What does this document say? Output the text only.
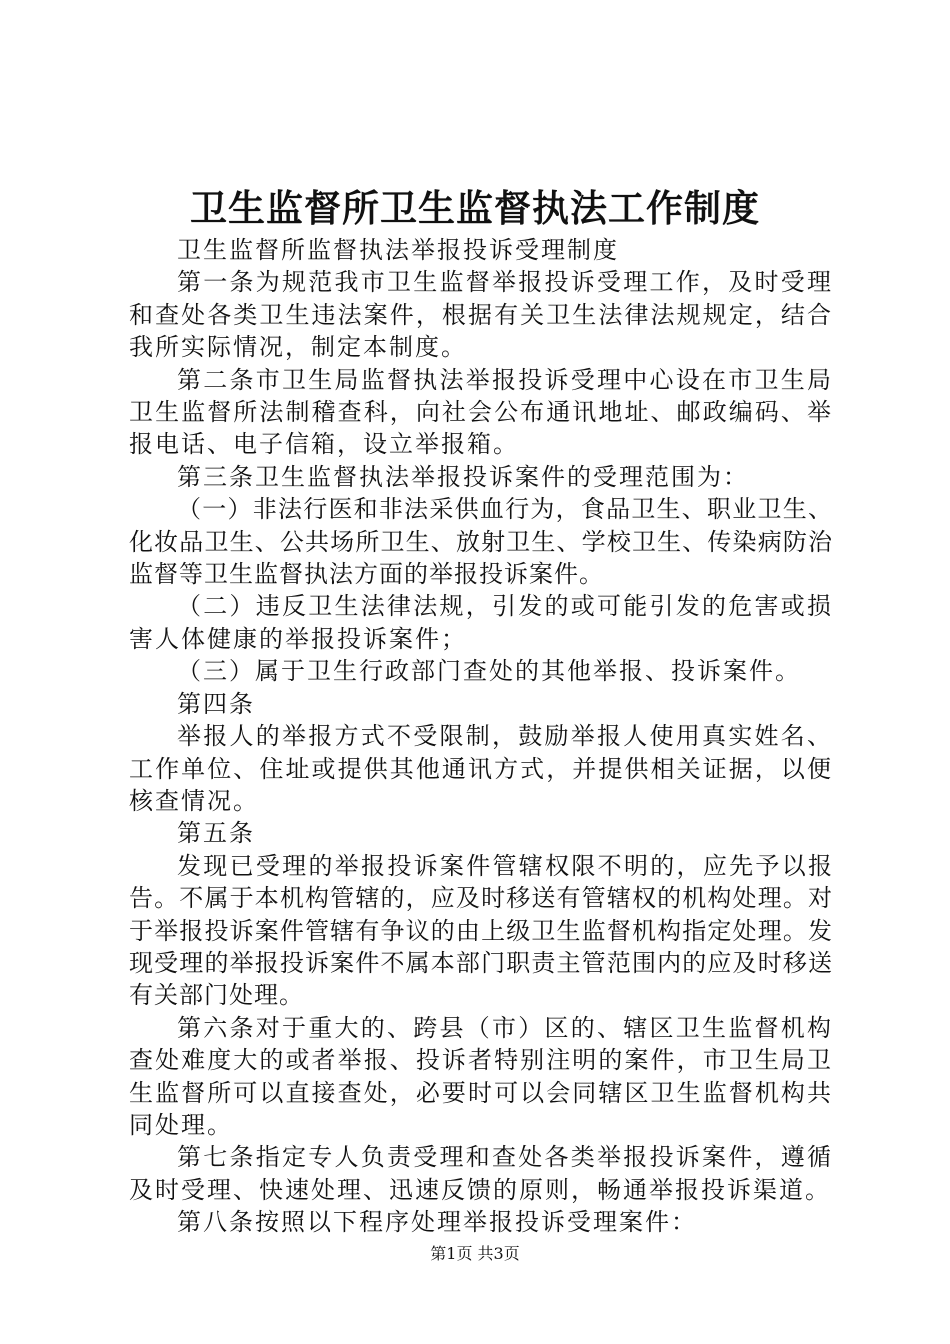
卫生监督所卫生监督执法工作制度

卫生监督所监督执法举报投诉受理制度

第一条为规范我市卫生监督举报投诉受理工作，及时受理和查处各类卫生违法案件，根据有关卫生法律法规规定，结合我所实际情况，制定本制度。

第二条市卫生局监督执法举报投诉受理中心设在市卫生局卫生监督所法制稽查科，向社会公布通讯地址、邮政编码、举报电话、电子信箱，设立举报箱。

第三条卫生监督执法举报投诉案件的受理范围为：

（一）非法行医和非法采供血行为，食品卫生、职业卫生、化妆品卫生、公共场所卫生、放射卫生、学校卫生、传染病防治监督等卫生监督执法方面的举报投诉案件。

（二）违反卫生法律法规，引发的或可能引发的危害或损害人体健康的举报投诉案件；

（三）属于卫生行政部门查处的其他举报、投诉案件。

第四条

举报人的举报方式不受限制，鼓励举报人使用真实姓名、工作单位、住址或提供其他通讯方式，并提供相关证据，以便核查情况。

第五条

发现已受理的举报投诉案件管辖权限不明的，应先予以报告。不属于本机构管辖的，应及时移送有管辖权的机构处理。对于举报投诉案件管辖有争议的由上级卫生监督机构指定处理。发现受理的举报投诉案件不属本部门职责主管范围内的应及时移送有关部门处理。

第六条对于重大的、跨县（市）区的、辖区卫生监督机构查处难度大的或者举报、投诉者特别注明的案件，市卫生局卫生监督所可以直接查处，必要时可以会同辖区卫生监督机构共同处理。

第七条指定专人负责受理和查处各类举报投诉案件，遵循及时受理、快速处理、迅速反馈的原则，畅通举报投诉渠道。

第八条按照以下程序处理举报投诉受理案件：

第1页 共3页
